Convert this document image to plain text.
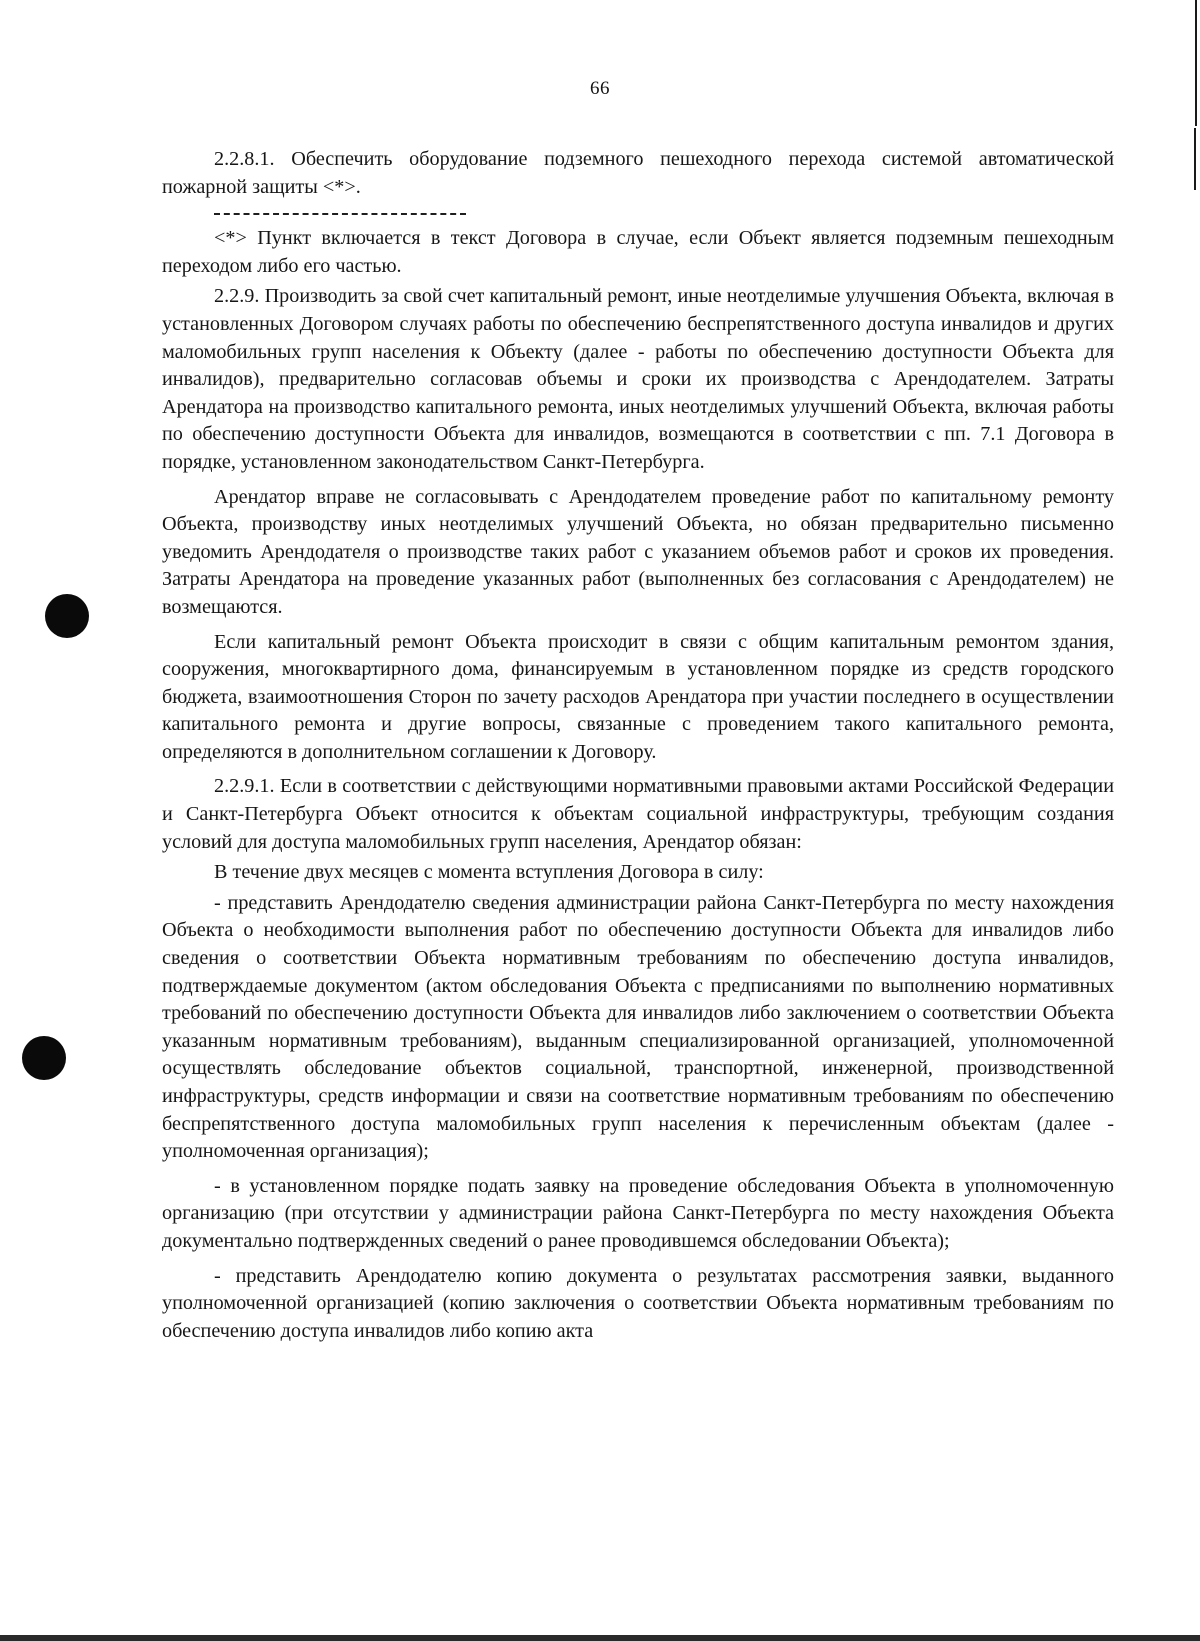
66

2.2.8.1. Обеспечить оборудование подземного пешеходного перехода системой автоматической пожарной защиты <*>.

<*> Пункт включается в текст Договора в случае, если Объект является подземным пешеходным переходом либо его частью.

2.2.9. Производить за свой счет капитальный ремонт, иные неотделимые улучшения Объекта, включая в установленных Договором случаях работы по обеспечению беспрепятственного доступа инвалидов и других маломобильных групп населения к Объекту (далее - работы по обеспечению доступности Объекта для инвалидов), предварительно согласовав объемы и сроки их производства с Арендодателем. Затраты Арендатора на производство капитального ремонта, иных неотделимых улучшений Объекта, включая работы по обеспечению доступности Объекта для инвалидов, возмещаются в соответствии с пп. 7.1 Договора в порядке, установленном законодательством Санкт-Петербурга.

Арендатор вправе не согласовывать с Арендодателем проведение работ по капитальному ремонту Объекта, производству иных неотделимых улучшений Объекта, но обязан предварительно письменно уведомить Арендодателя о производстве таких работ с указанием объемов работ и сроков их проведения. Затраты Арендатора на проведение указанных работ (выполненных без согласования с Арендодателем) не возмещаются.

Если капитальный ремонт Объекта происходит в связи с общим капитальным ремонтом здания, сооружения, многоквартирного дома, финансируемым в установленном порядке из средств городского бюджета, взаимоотношения Сторон по зачету расходов Арендатора при участии последнего в осуществлении капитального ремонта и другие вопросы, связанные с проведением такого капитального ремонта, определяются в дополнительном соглашении к Договору.

2.2.9.1. Если в соответствии с действующими нормативными правовыми актами Российской Федерации и Санкт-Петербурга Объект относится к объектам социальной инфраструктуры, требующим создания условий для доступа маломобильных групп населения, Арендатор обязан:

В течение двух месяцев с момента вступления Договора в силу:

- представить Арендодателю сведения администрации района Санкт-Петербурга по месту нахождения Объекта о необходимости выполнения работ по обеспечению доступности Объекта для инвалидов либо сведения о соответствии Объекта нормативным требованиям по обеспечению доступа инвалидов, подтверждаемые документом (актом обследования Объекта с предписаниями по выполнению нормативных требований по обеспечению доступности Объекта для инвалидов либо заключением о соответствии Объекта указанным нормативным требованиям), выданным специализированной организацией, уполномоченной осуществлять обследование объектов социальной, транспортной, инженерной, производственной инфраструктуры, средств информации и связи на соответствие нормативным требованиям по обеспечению беспрепятственного доступа маломобильных групп населения к перечисленным объектам (далее - уполномоченная организация);

- в установленном порядке подать заявку на проведение обследования Объекта в уполномоченную организацию (при отсутствии у администрации района Санкт-Петербурга по месту нахождения Объекта документально подтвержденных сведений о ранее проводившемся обследовании Объекта);

- представить Арендодателю копию документа о результатах рассмотрения заявки, выданного уполномоченной организацией (копию заключения о соответствии Объекта нормативным требованиям по обеспечению доступа инвалидов либо копию акта
